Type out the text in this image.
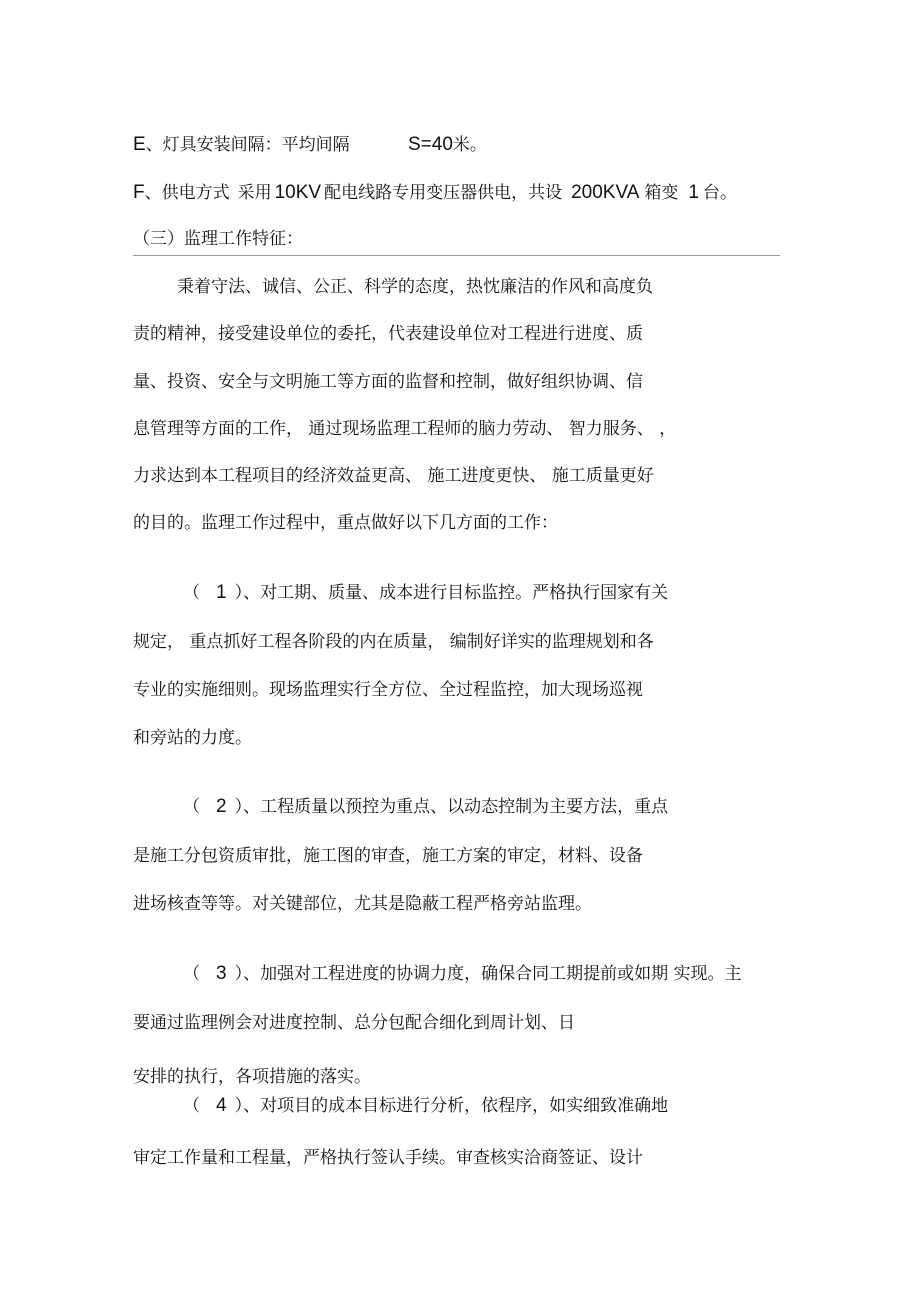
E、灯具安装间隔：平均间隔	S=40米。
F、供电方式 采用 10KV 配电线路专用变压器供电，共设 200KVA 箱变 1 台。
（三）监理工作特征：
秉着守法、诚信、公正、科学的态度，热忱廉洁的作风和高度负
责的精神，接受建设单位的委托，代表建设单位对工程进行进度、质
量、投资、安全与文明施工等方面的监督和控制，做好组织协调、信
息管理等方面的工作， 通过现场监理工程师的脑力劳动、 智力服务、 ，
力求达到本工程项目的经济效益更高、 施工进度更快、 施工质量更好
的目的。监理工作过程中，重点做好以下几方面的工作：
（ 1 ）、对工期、质量、成本进行目标监控。严格执行国家有关
规定， 重点抓好工程各阶段的内在质量， 编制好详实的监理规划和各
专业的实施细则。现场监理实行全方位、全过程监控，加大现场巡视
和旁站的力度。
（ 2 ）、工程质量以预控为重点、以动态控制为主要方法，重点
是施工分包资质审批，施工图的审查，施工方案的审定，材料、设备
进场核查等等。对关键部位，尤其是隐蔽工程严格旁站监理。
（ 3 ）、加强对工程进度的协调力度，确保合同工期提前或如期 实现。主
要通过监理例会对进度控制、总分包配合细化到周计划、日
安排的执行，各项措施的落实。
（ 4 ）、对项目的成本目标进行分析，依程序，如实细致准确地
审定工作量和工程量，严格执行签认手续。审查核实洽商签证、设计
